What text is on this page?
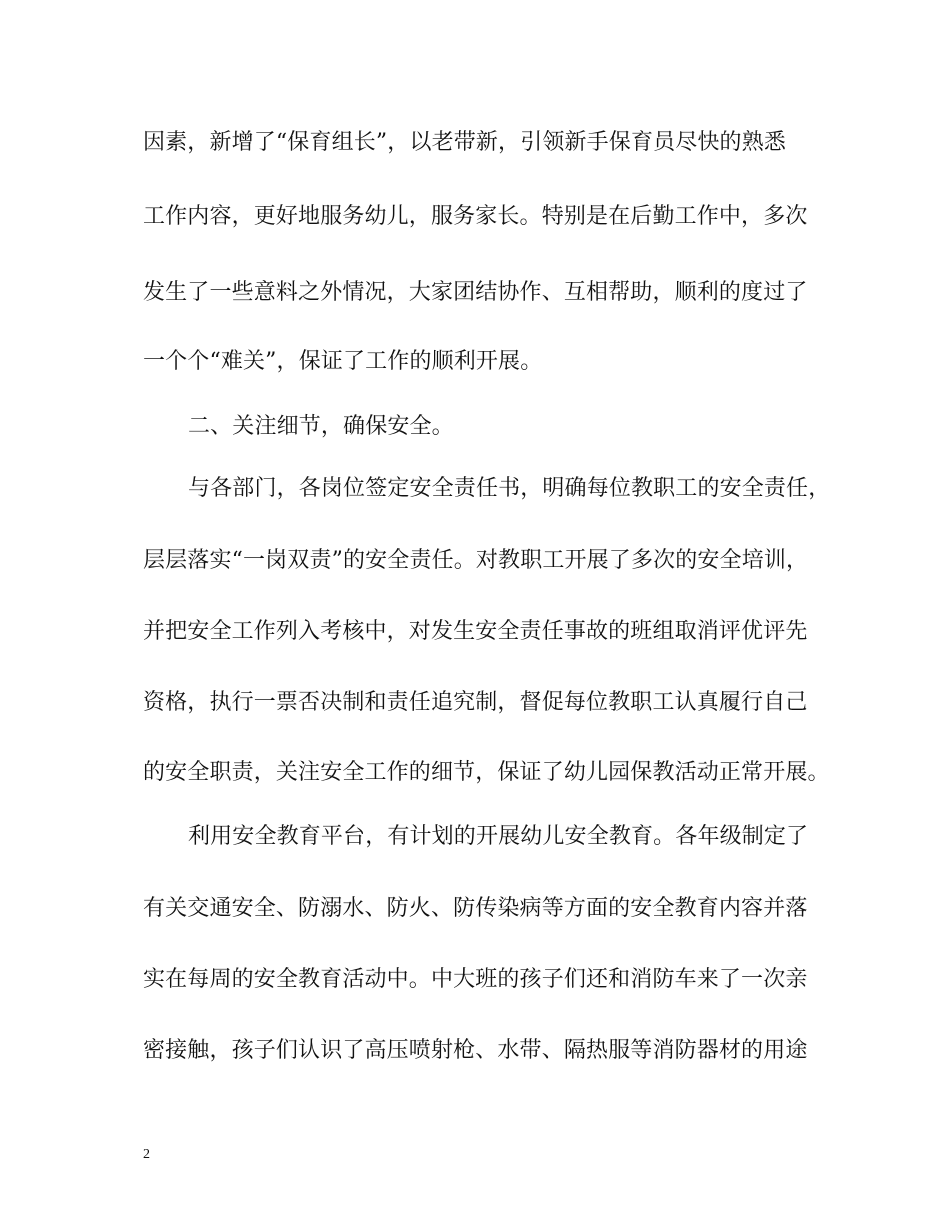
因素，新增了“保育组长”，以老带新，引领新手保育员尽快的熟悉
工作内容，更好地服务幼儿，服务家长。特别是在后勤工作中，多次
发生了一些意料之外情况，大家团结协作、互相帮助，顺利的度过了
一个个“难关”，保证了工作的顺利开展。
二、关注细节，确保安全。
与各部门，各岗位签定安全责任书，明确每位教职工的安全责任，
层层落实“一岗双责”的安全责任。对教职工开展了多次的安全培训，
并把安全工作列入考核中，对发生安全责任事故的班组取消评优评先
资格，执行一票否决制和责任追究制，督促每位教职工认真履行自己
的安全职责，关注安全工作的细节，保证了幼儿园保教活动正常开展。
利用安全教育平台，有计划的开展幼儿安全教育。各年级制定了
有关交通安全、防溺水、防火、防传染病等方面的安全教育内容并落
实在每周的安全教育活动中。中大班的孩子们还和消防车来了一次亲
密接触，孩子们认识了高压喷射枪、水带、隔热服等消防器材的用途
2
